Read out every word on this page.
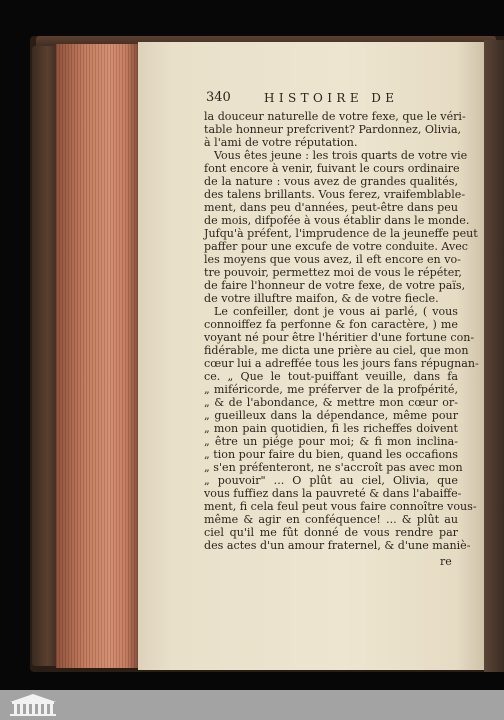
340	HISTOIRE DE
la douceur naturelle de votre fexe, que le véri-
table honneur prefcrivent? Pardonnez, Olivia,
à l'ami de votre réputation.
Vous êtes jeune : les trois quarts de votre vie
font encore à venir, fuivant le cours ordinaire
de la nature : vous avez de grandes qualités,
des talens brillants. Vous ferez, vraifemblable-
ment, dans peu d'années, peut-être dans peu
de mois, difpofée à vous établir dans le monde.
Jufqu'à préfent, l'imprudence de la jeuneffe peut
paffer pour une excufe de votre conduite. Avec
les moyens que vous avez, il eft encore en vo-
tre pouvoir, permettez moi de vous le répéter,
de faire l'honneur de votre fexe, de votre païs,
de votre illuftre maifon, & de votre fiecle.
Le confeiller, dont je vous ai parlé, ( vous
connoiffez fa perfonne & fon caractère, ) me
voyant né pour être l'héritier d'une fortune con-
fidérable, me dicta une prière au ciel, que mon
cœur lui a adreffée tous les jours fans répugnan-
ce. „ Que le tout-puiffant veuille, dans fa
„ miféricorde, me préferver de la profpérité,
„ & de l'abondance, & mettre mon cœur or-
„ gueilleux dans la dépendance, même pour
„ mon pain quotidien, fi les richeffes doivent
„ être un piége pour moi; & fi mon inclina-
„ tion pour faire du bien, quand les occafions
„ s'en préfenteront, ne s'accroît pas avec mon
„ pouvoir" ... O plût au ciel, Olivia, que
vous fuffiez dans la pauvreté & dans l'abaiffe-
ment, fi cela feul peut vous faire connoître vous-
même & agir en conféquence! ... & plût au
ciel qu'il me fût donné de vous rendre par
des actes d'un amour fraternel, & d'une maniè-
re
